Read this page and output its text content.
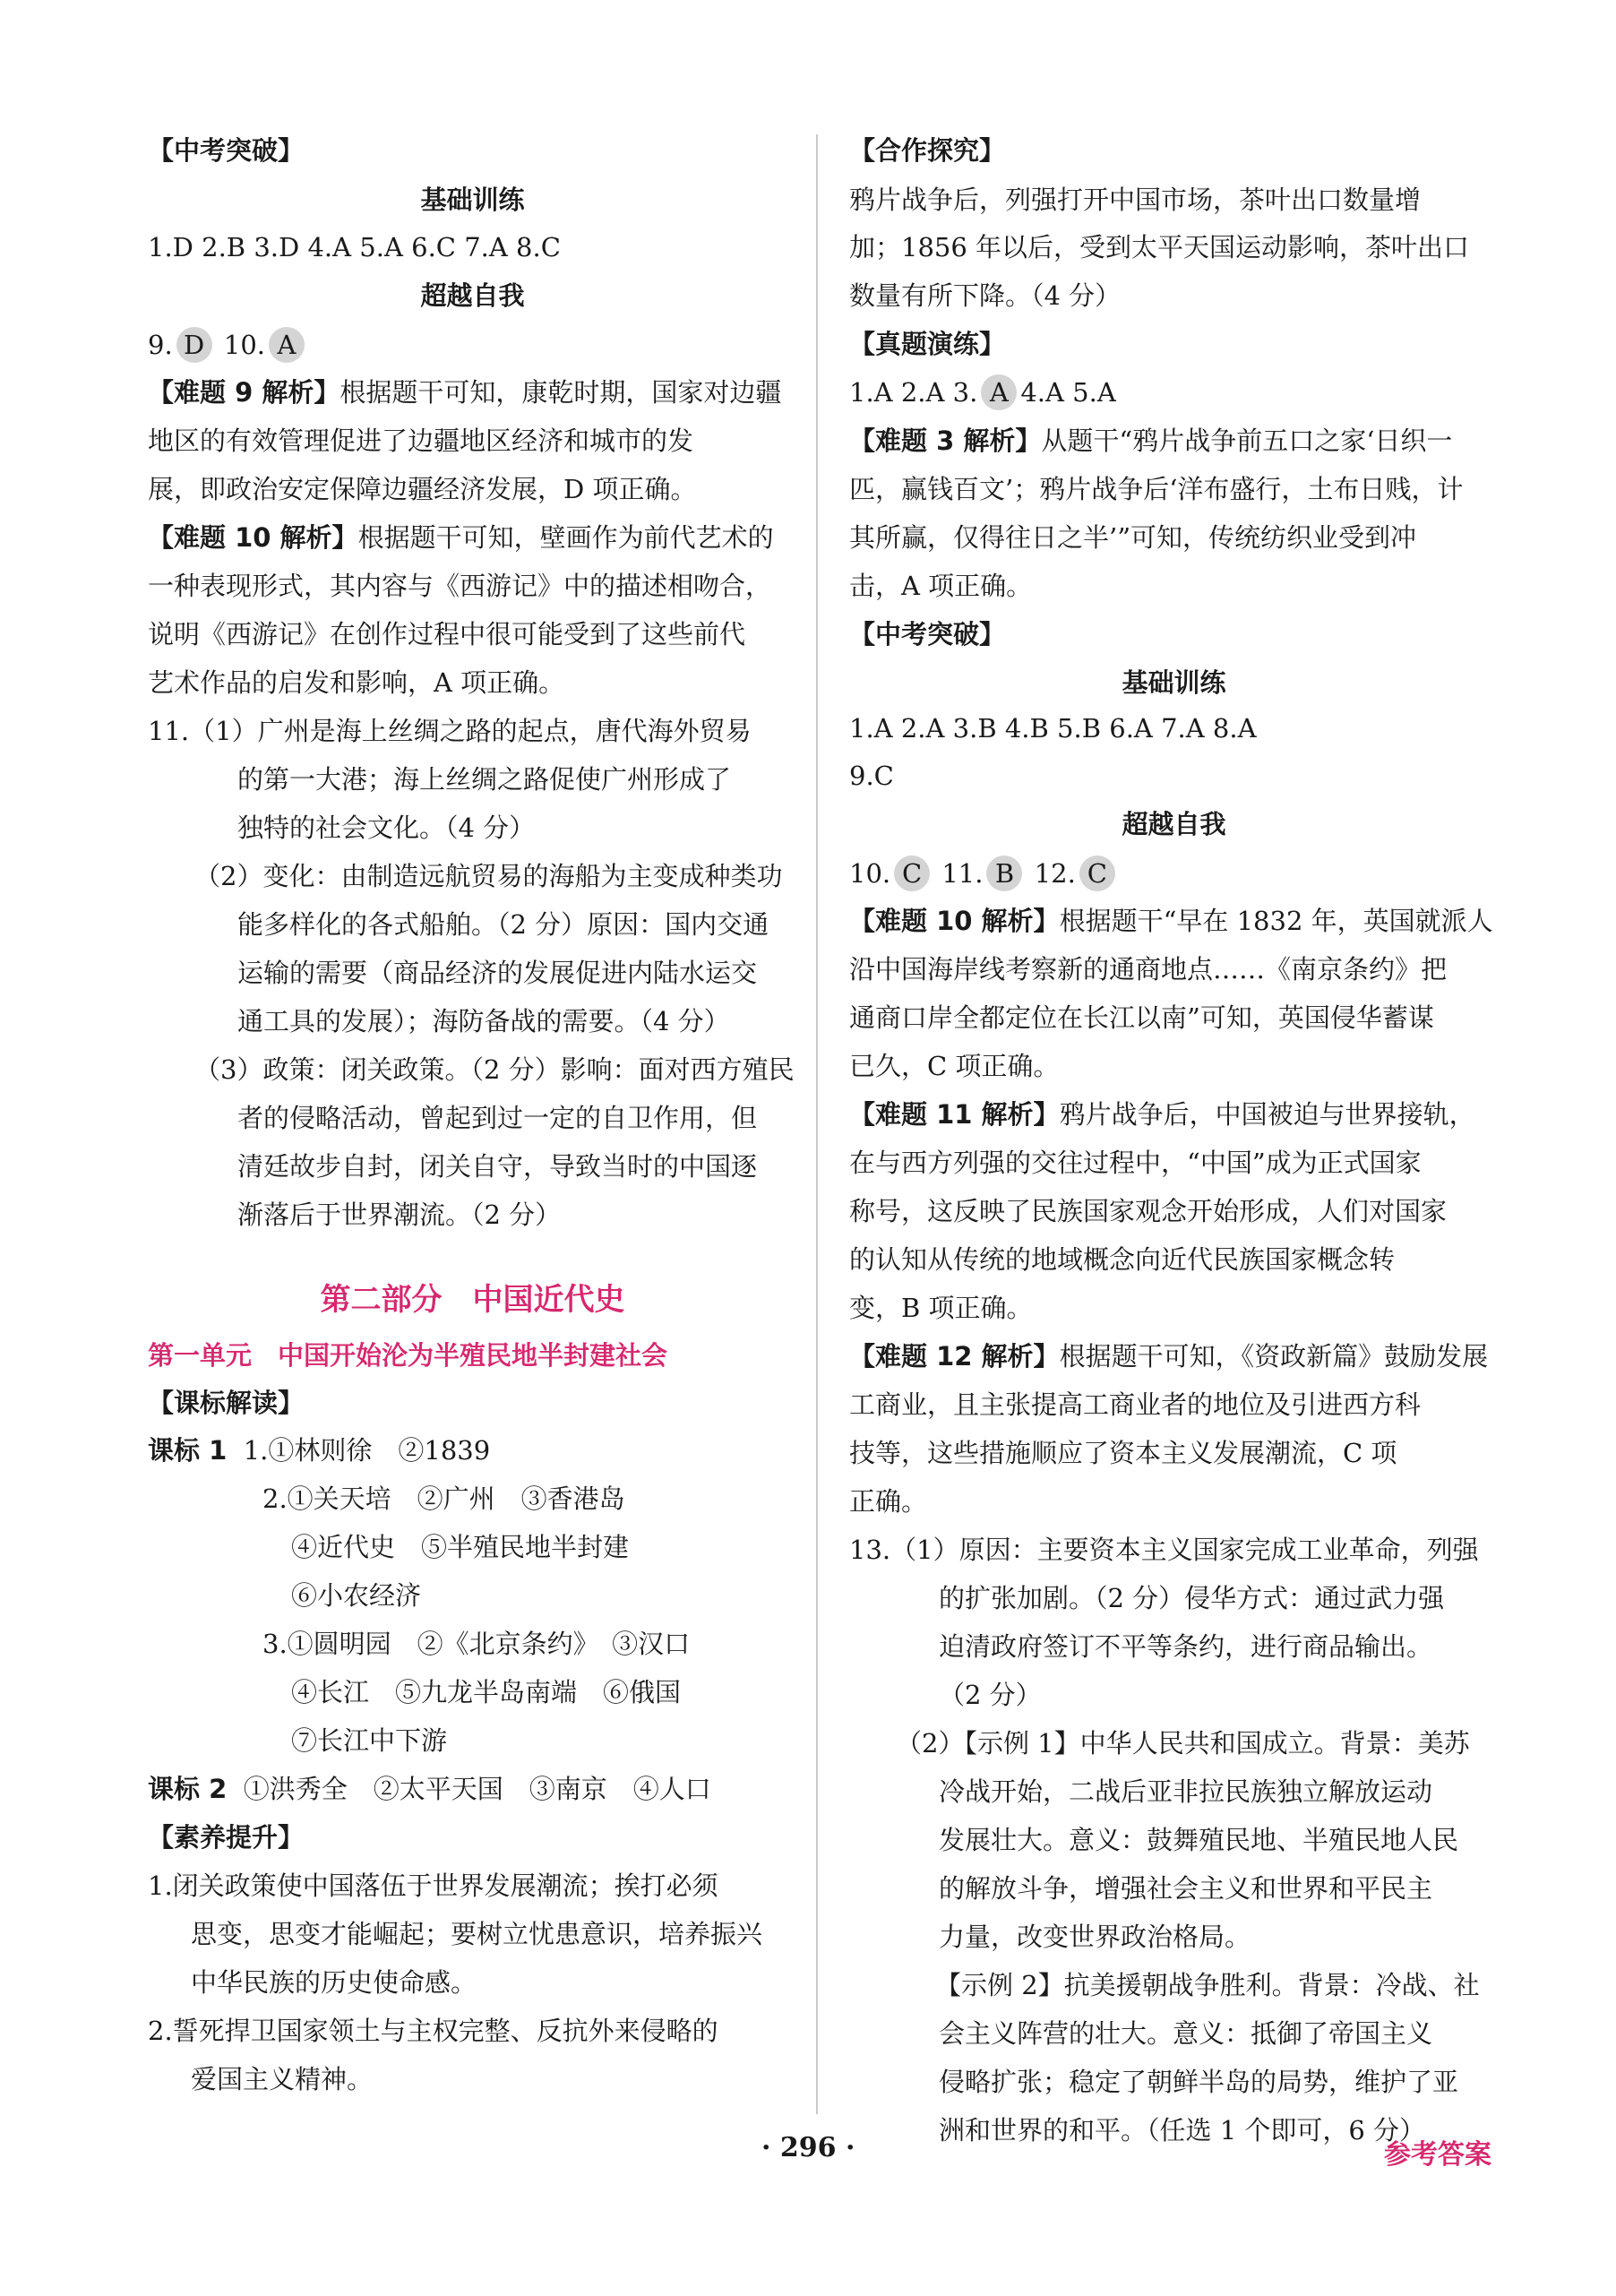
【中考突破】
基础训练
1.D 2.B 3.D 4.A 5.A 6.C 7.A 8.C
超越自我
9. D 10. A
【难题 9 解析】根据题干可知，康乾时期，国家对边疆
地区的有效管理促进了边疆地区经济和城市的发
展，即政治安定保障边疆经济发展，D 项正确。
【难题 10 解析】根据题干可知，壁画作为前代艺术的
一种表现形式，其内容与《西游记》中的描述相吻合，
说明《西游记》在创作过程中很可能受到了这些前代
艺术作品的启发和影响，A 项正确。
11.（1）广州是海上丝绸之路的起点，唐代海外贸易
的第一大港；海上丝绸之路促使广州形成了
独特的社会文化。（4 分）
（2）变化：由制造远航贸易的海船为主变成种类功
能多样化的各式船舶。（2 分）原因：国内交通
运输的需要（商品经济的发展促进内陆水运交
通工具的发展）；海防备战的需要。（4 分）
（3）政策：闭关政策。（2 分）影响：面对西方殖民
者的侵略活动，曾起到过一定的自卫作用，但
清廷故步自封，闭关自守，导致当时的中国逐
渐落后于世界潮流。（2 分）
第二部分　中国近代史
第一单元　中国开始沦为半殖民地半封建社会
【课标解读】
课标 1 1.①林则徐　②1839
2.①关天培　②广州　③香港岛
④近代史　⑤半殖民地半封建
⑥小农经济
3.①圆明园　②《北京条约》　③汉口
④长江　⑤九龙半岛南端　⑥俄国
⑦长江中下游
课标 2 ①洪秀全　②太平天国　③南京　④人口
【素养提升】
1.闭关政策使中国落伍于世界发展潮流；挨打必须
思变，思变才能崛起；要树立忧患意识，培养振兴
中华民族的历史使命感。
2.誓死捍卫国家领土与主权完整、反抗外来侵略的
爱国主义精神。
【合作探究】
鸦片战争后，列强打开中国市场，茶叶出口数量增
加；1856 年以后，受到太平天国运动影响，茶叶出口
数量有所下降。（4 分）
【真题演练】
1.A 2.A 3. A 4.A 5.A
【难题 3 解析】从题干“鸦片战争前五口之家‘日织一
匹，赢钱百文’；鸦片战争后‘洋布盛行，土布日贱，计
其所赢，仅得往日之半’”可知，传统纺织业受到冲
击，A 项正确。
【中考突破】
基础训练
1.A 2.A 3.B 4.B 5.B 6.A 7.A 8.A
9.C
超越自我
10. C 11. B 12. C
【难题 10 解析】根据题干“早在 1832 年，英国就派人
沿中国海岸线考察新的通商地点……《南京条约》把
通商口岸全都定位在长江以南”可知，英国侵华蓄谋
已久，C 项正确。
【难题 11 解析】鸦片战争后，中国被迫与世界接轨，
在与西方列强的交往过程中，“中国”成为正式国家
称号，这反映了民族国家观念开始形成，人们对国家
的认知从传统的地域概念向近代民族国家概念转
变，B 项正确。
【难题 12 解析】根据题干可知，《资政新篇》鼓励发展
工商业，且主张提高工商业者的地位及引进西方科
技等，这些措施顺应了资本主义发展潮流，C 项
正确。
13.（1）原因：主要资本主义国家完成工业革命，列强
的扩张加剧。（2 分）侵华方式：通过武力强
迫清政府签订不平等条约，进行商品输出。
（2 分）
（2）【示例 1】中华人民共和国成立。背景：美苏
冷战开始，二战后亚非拉民族独立解放运动
发展壮大。意义：鼓舞殖民地、半殖民地人民
的解放斗争，增强社会主义和世界和平民主
力量，改变世界政治格局。
【示例 2】抗美援朝战争胜利。背景：冷战、社
会主义阵营的壮大。意义：抵御了帝国主义
侵略扩张；稳定了朝鲜半岛的局势，维护了亚
洲和世界的和平。（任选 1 个即可，6 分）
· 296 ·	参考答案
